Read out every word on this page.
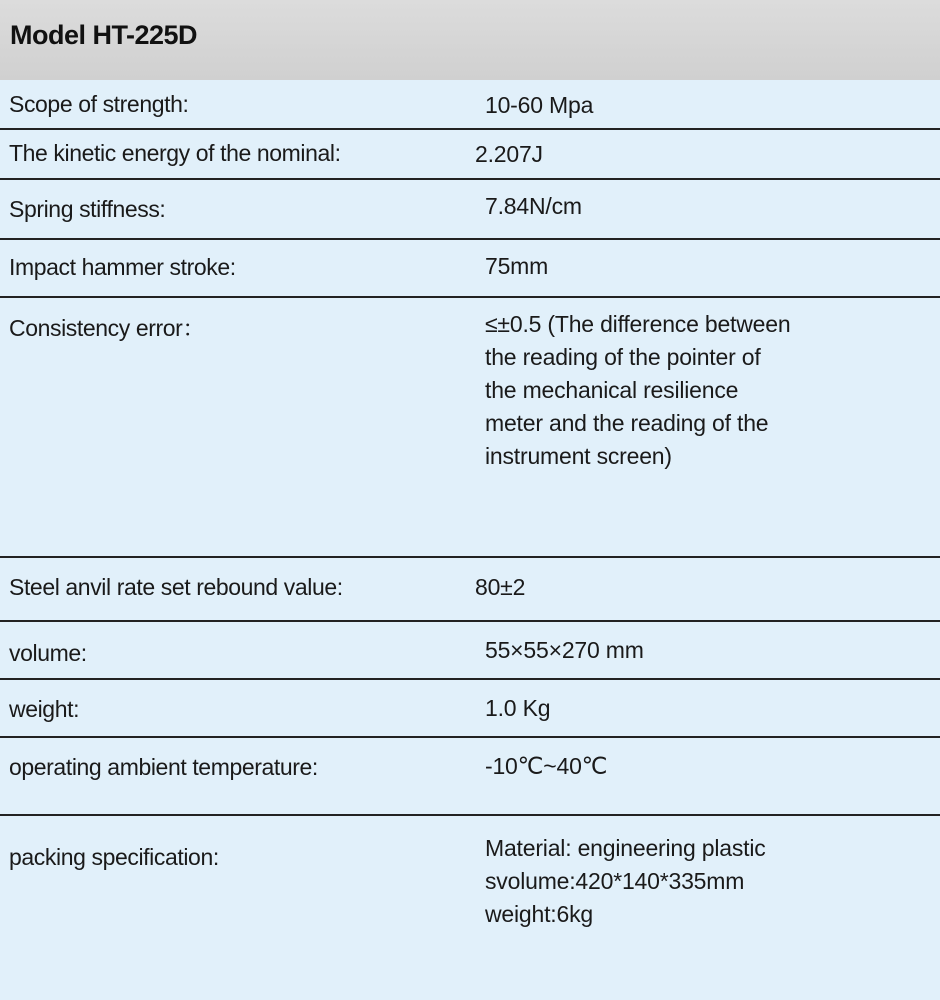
Model HT-225D
Scope of strength:	10-60 Mpa
The kinetic energy of the nominal:	2.207J
Spring stiffness:	7.84N/cm
Impact hammer stroke:	75mm
Consistency error：	≤±0.5 (The difference between
the reading of the pointer of
the mechanical resilience
meter and the reading of the
instrument screen)
Steel anvil rate set rebound value:	80±2
volume:	55×55×270 mm
weight:	1.0 Kg
operating ambient temperature:	-10℃~40℃
packing specification:	Material: engineering plastic
svolume:420*140*335mm
weight:6kg
